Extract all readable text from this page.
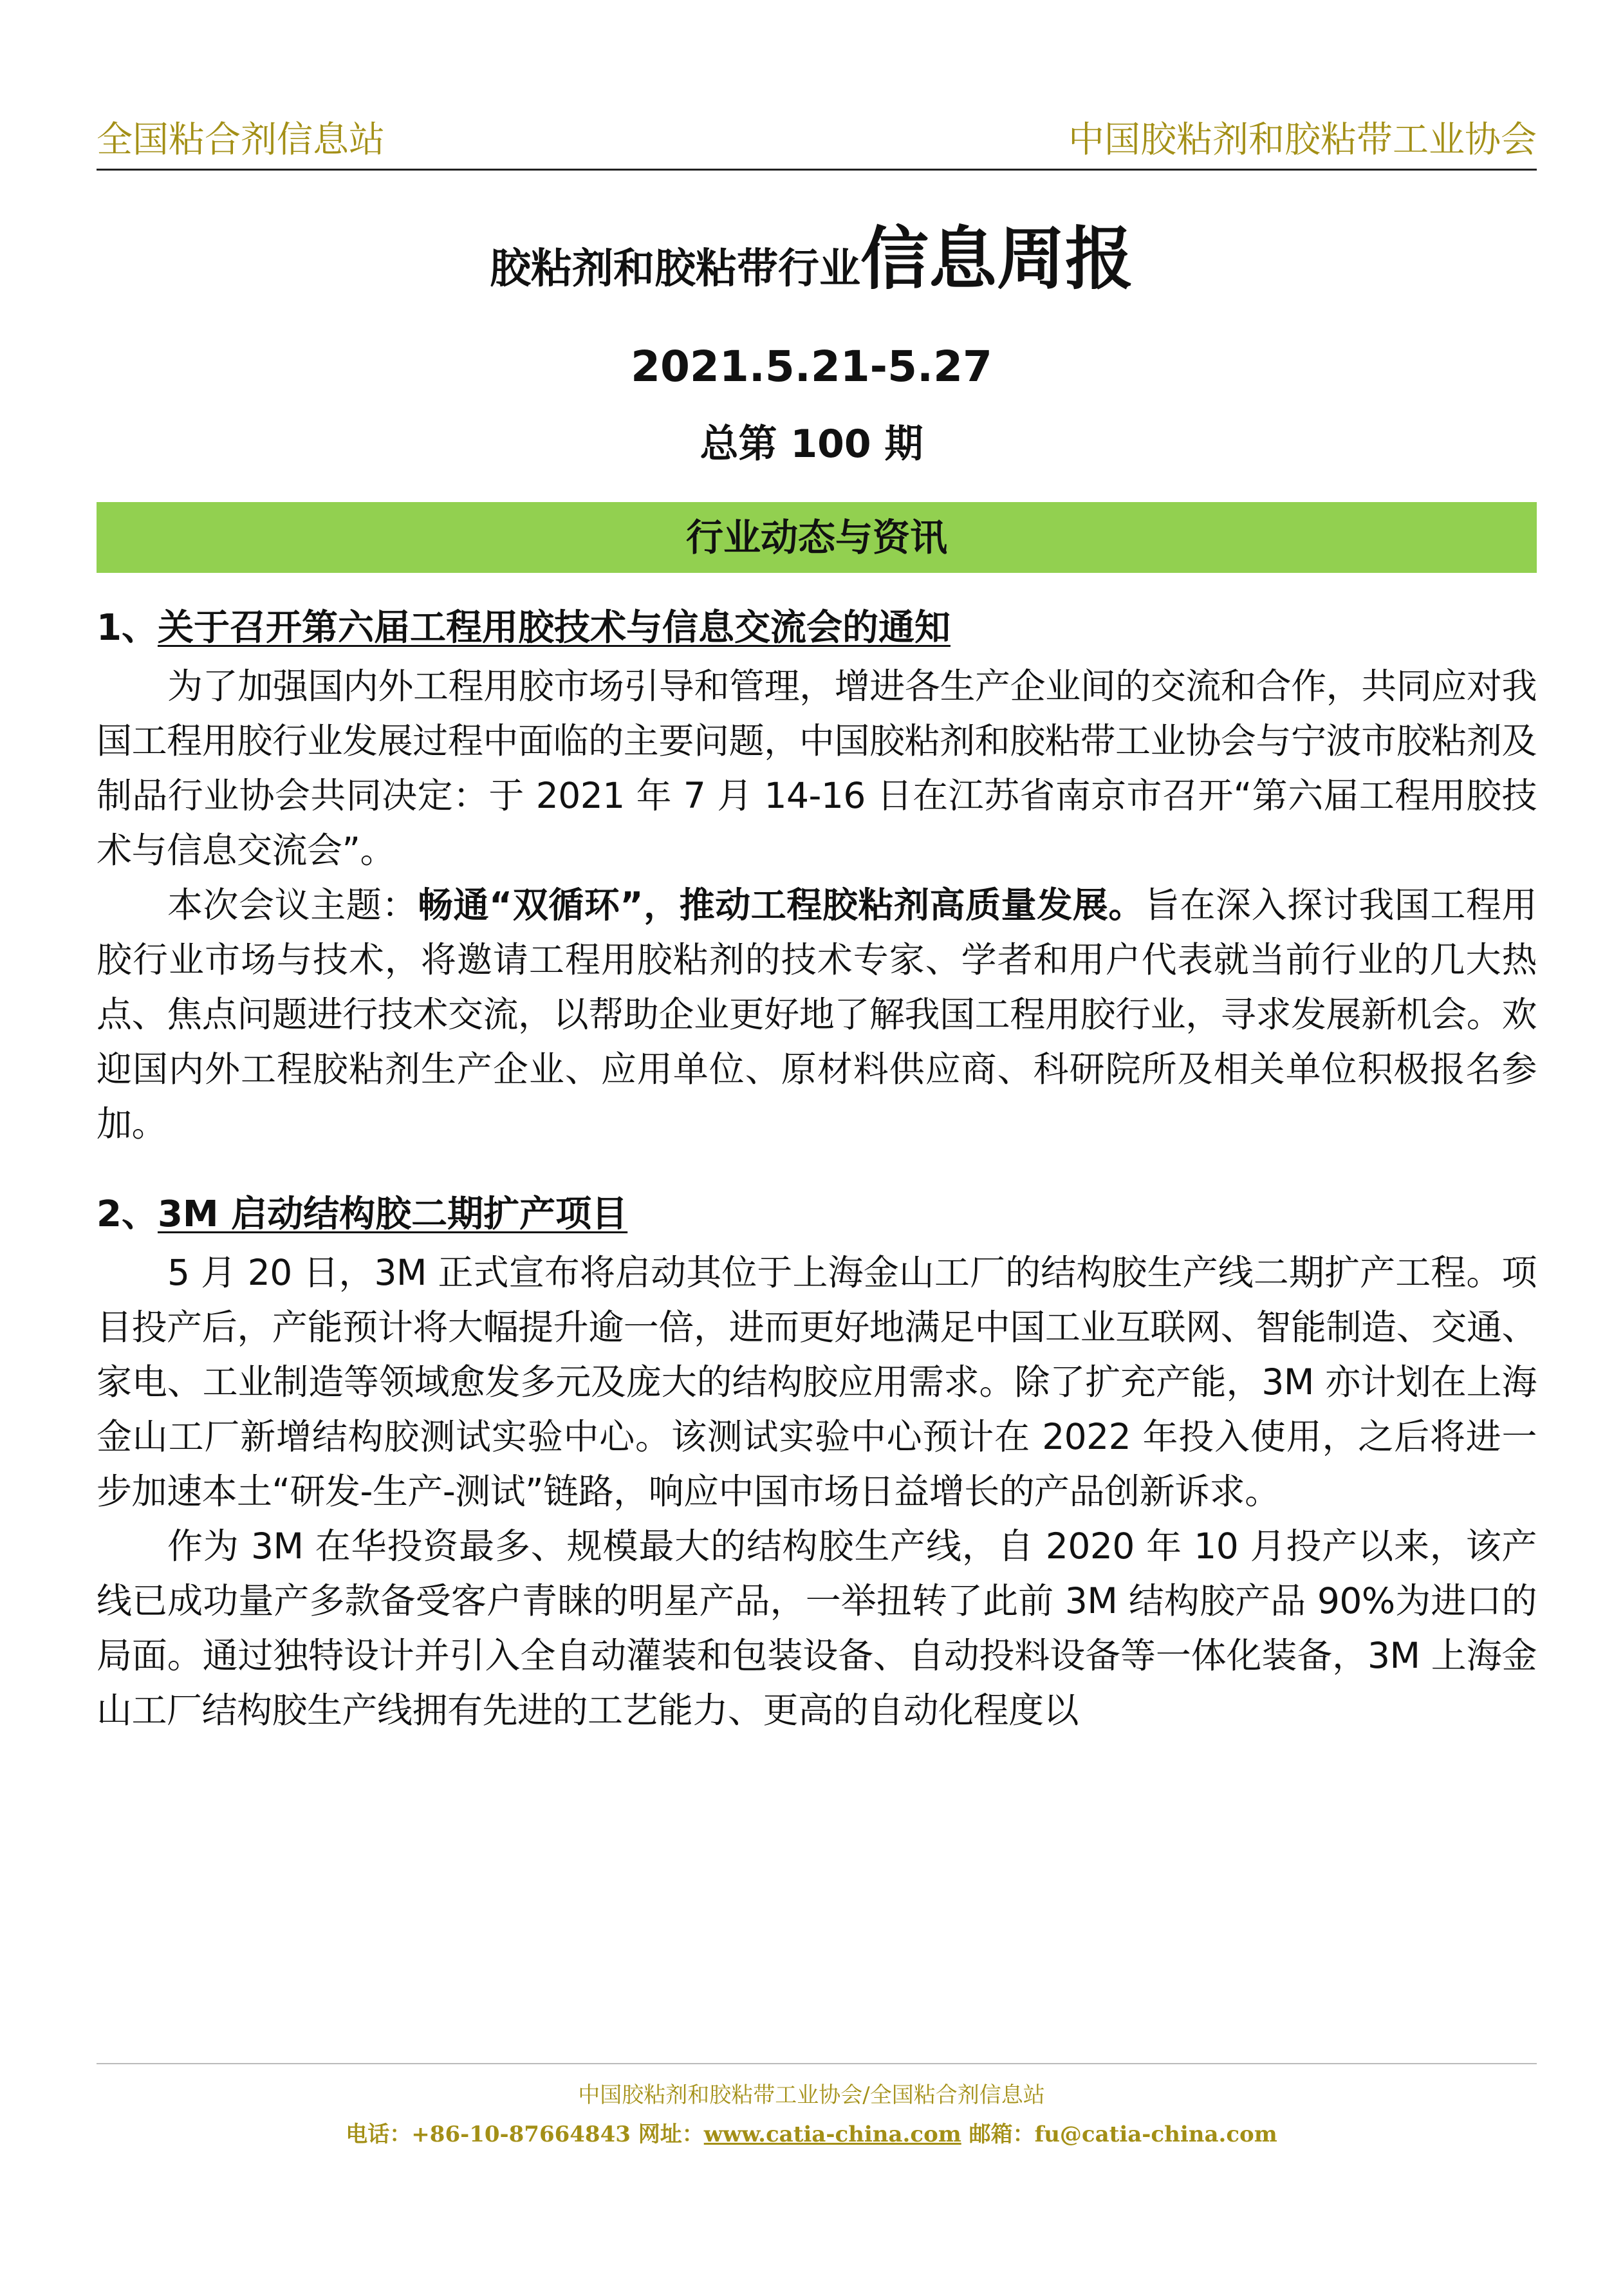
全国粘合剂信息站	中国胶粘剂和胶粘带工业协会
胶粘剂和胶粘带行业信息周报
2021.5.21-5.27
总第 100 期
行业动态与资讯
1、关于召开第六届工程用胶技术与信息交流会的通知

为了加强国内外工程用胶市场引导和管理，增进各生产企业间的交流和合作，共同应对我国工程用胶行业发展过程中面临的主要问题，中国胶粘剂和胶粘带工业协会与宁波市胶粘剂及制品行业协会共同决定：于 2021 年 7 月 14-16 日在江苏省南京市召开“第六届工程用胶技术与信息交流会”。

本次会议主题：畅通“双循环”，推动工程胶粘剂高质量发展。旨在深入探讨我国工程用胶行业市场与技术，将邀请工程用胶粘剂的技术专家、学者和用户代表就当前行业的几大热点、焦点问题进行技术交流，以帮助企业更好地了解我国工程用胶行业，寻求发展新机会。欢迎国内外工程胶粘剂生产企业、应用单位、原材料供应商、科研院所及相关单位积极报名参加。

2、3M 启动结构胶二期扩产项目

5 月 20 日，3M 正式宣布将启动其位于上海金山工厂的结构胶生产线二期扩产工程。项目投产后，产能预计将大幅提升逾一倍，进而更好地满足中国工业互联网、智能制造、交通、家电、工业制造等领域愈发多元及庞大的结构胶应用需求。除了扩充产能，3M 亦计划在上海金山工厂新增结构胶测试实验中心。该测试实验中心预计在 2022 年投入使用，之后将进一步加速本土“研发-生产-测试”链路，响应中国市场日益增长的产品创新诉求。

作为 3M 在华投资最多、规模最大的结构胶生产线，自 2020 年 10 月投产以来，该产线已成功量产多款备受客户青睐的明星产品，一举扭转了此前 3M 结构胶产品 90%为进口的局面。通过独特设计并引入全自动灌装和包装设备、自动投料设备等一体化装备，3M 上海金山工厂结构胶生产线拥有先进的工艺能力、更高的自动化程度以

中国胶粘剂和胶粘带工业协会/全国粘合剂信息站
电话：+86-10-87664843 网址：www.catia-china.com 邮箱：fu@catia-china.com
